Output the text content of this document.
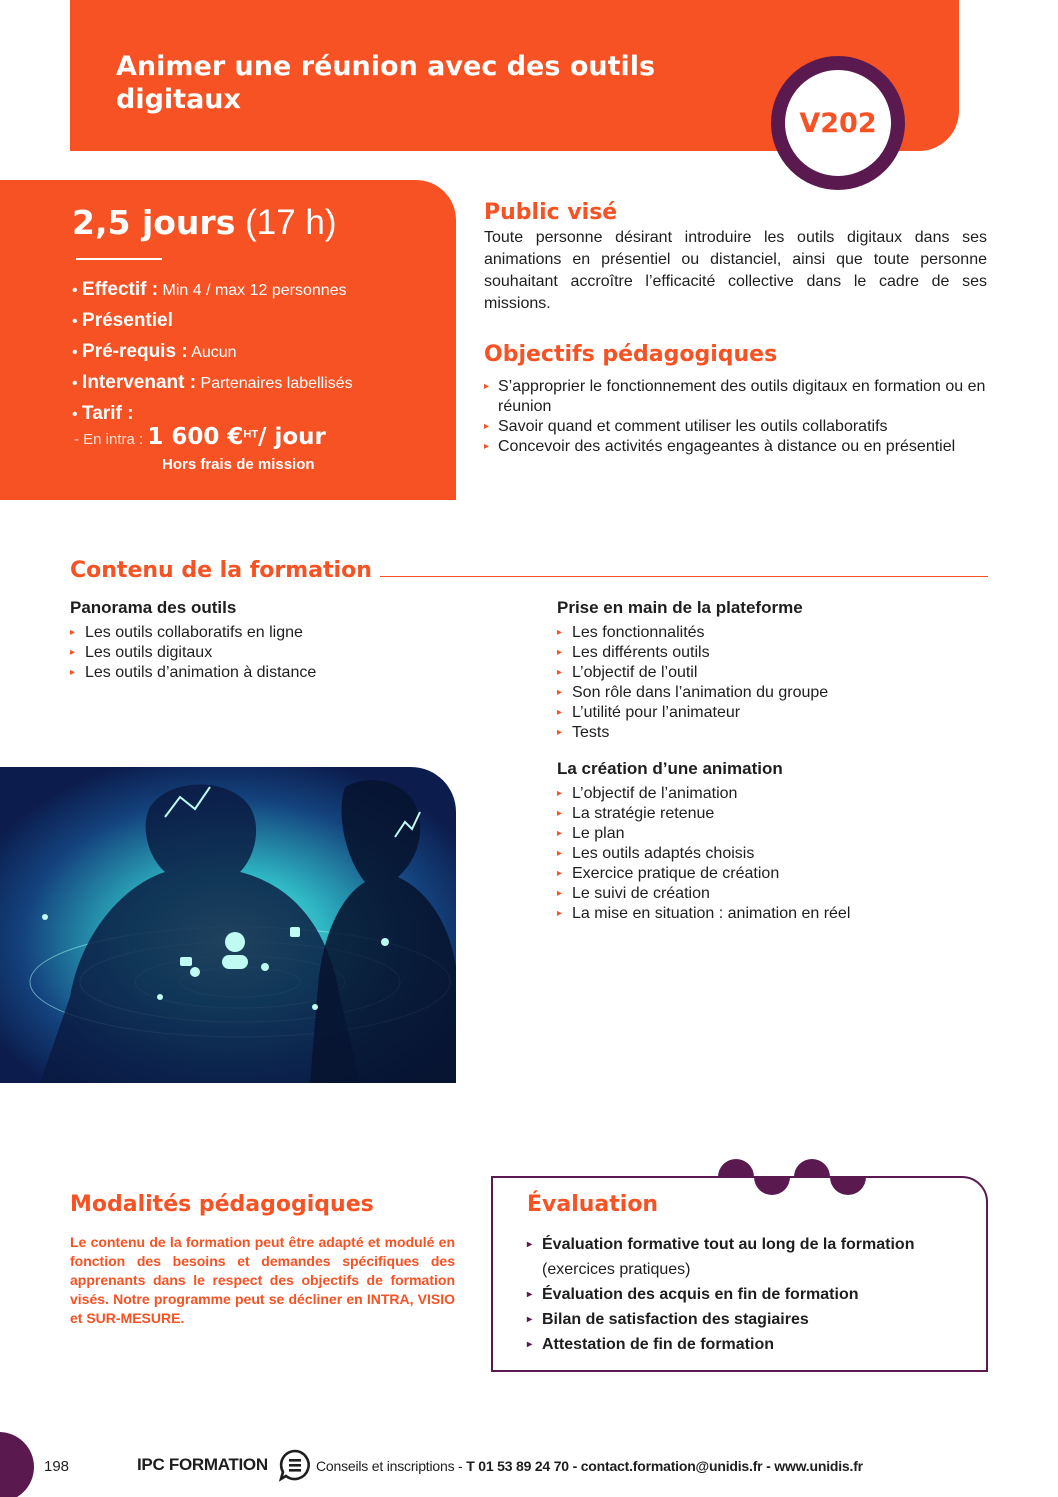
Animer une réunion avec des outils digitaux
V202
2,5 jours (17 h)
• Effectif : Min 4 / max 12 personnes
• Présentiel
• Pré-requis : Aucun
• Intervenant : Partenaires labellisés
• Tarif :
- En intra : 1 600 €$^{HT}$/ jour
Hors frais de mission
Public visé

Toute personne désirant introduire les outils digitaux dans ses animations en présentiel ou distanciel, ainsi que toute personne souhaitant accroître l’efficacité collective dans le cadre de ses missions.

Objectifs pédagogiques
▸ S’approprier le fonctionnement des outils digitaux en formation ou en réunion
▸ Savoir quand et comment utiliser les outils collaboratifs
▸ Concevoir des activités engageantes à distance ou en présentiel
Contenu de la formation
Panorama des outils
▸ Les outils collaboratifs en ligne
▸ Les outils digitaux
▸ Les outils d’animation à distance
Prise en main de la plateforme
▸ Les fonctionnalités
▸ Les différents outils
▸ L’objectif de l’outil
▸ Son rôle dans l’animation du groupe
▸ L’utilité pour l’animateur
▸ Tests
La création d’une animation
▸ L’objectif de l’animation
▸ La stratégie retenue
▸ Le plan
▸ Les outils adaptés choisis
▸ Exercice pratique de création
▸ Le suivi de création
▸ La mise en situation : animation en réel
Modalités pédagogiques

Le contenu de la formation peut être adapté et modulé en fonction des besoins et demandes spécifiques des apprenants dans le respect des objectifs de formation visés. Notre programme peut se décliner en INTRA, VISIO et SUR-MESURE.

Évaluation
▸ Évaluation formative tout au long de la formation
(exercices pratiques)
▸ Évaluation des acquis en fin de formation
▸ Bilan de satisfaction des stagiaires
▸ Attestation de fin de formation
198	IPC FORMATION	Conseils et inscriptions - T 01 53 89 24 70 - contact.formation@unidis.fr - www.unidis.fr
